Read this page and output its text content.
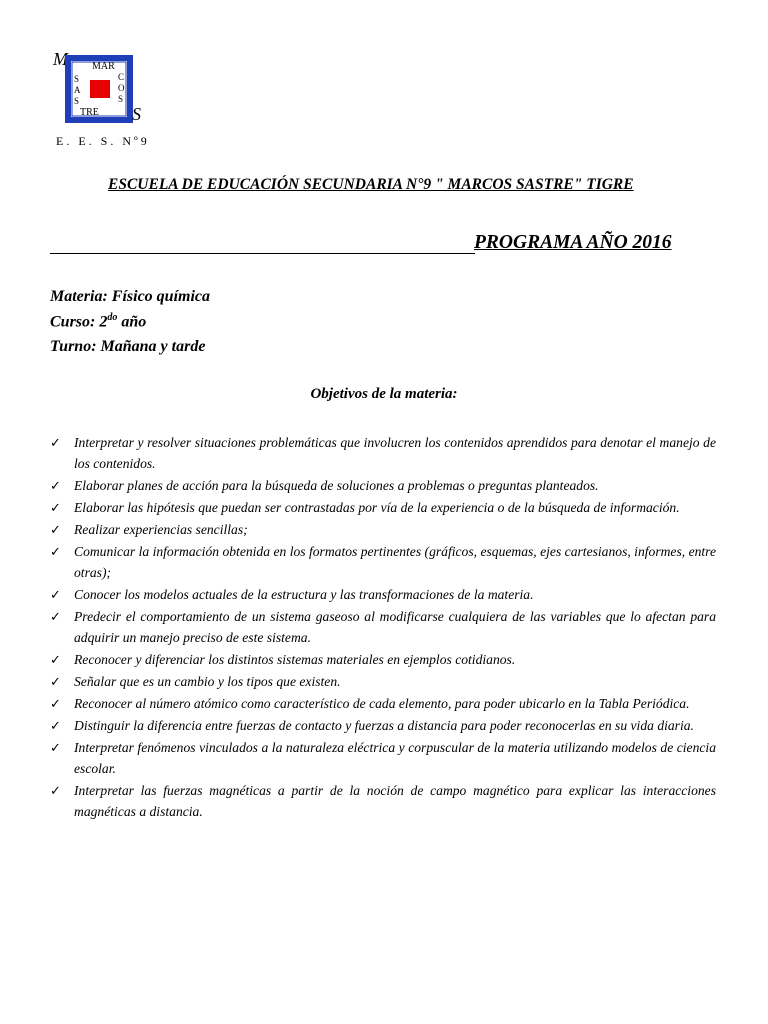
M MAR
TRE
S A S
C O S
S
E. E. S. Nº9
ESCUELA DE EDUCACIÓN SECUNDARIA N°9 " MARCOS SASTRE" TIGRE
PROGRAMA AÑO 2016
Materia: Físico química
Curso: $2^{do}$ año
Turno: Mañana y tarde
Objetivos de la materia:
✓ Interpretar y resolver situaciones problemáticas que involucren los contenidos aprendidos para denotar el manejo de los contenidos.
✓ Elaborar planes de acción para la búsqueda de soluciones a problemas o preguntas planteados.
✓ Elaborar las hipótesis que puedan ser contrastadas por vía de la experiencia o de la búsqueda de información.
✓ Realizar experiencias sencillas;
✓ Comunicar la información obtenida en los formatos pertinentes (gráficos, esquemas, ejes cartesianos, informes, entre otras);
✓ Conocer los modelos actuales de la estructura y las transformaciones de la materia.
✓ Predecir el comportamiento de un sistema gaseoso al modificarse cualquiera de las variables que lo afectan para adquirir un manejo preciso de este sistema.
✓ Reconocer y diferenciar los distintos sistemas materiales en ejemplos cotidianos.
✓ Señalar que es un cambio y los tipos que existen.
✓ Reconocer al número atómico como característico de cada elemento, para poder ubicarlo en la Tabla Periódica.
✓ Distinguir la diferencia entre fuerzas de contacto y fuerzas a distancia para poder reconocerlas en su vida diaria.
✓ Interpretar fenómenos vinculados a la naturaleza eléctrica y corpuscular de la materia utilizando modelos de ciencia escolar.
✓ Interpretar las fuerzas magnéticas a partir de la noción de campo magnético para explicar las interacciones magnéticas a distancia.
